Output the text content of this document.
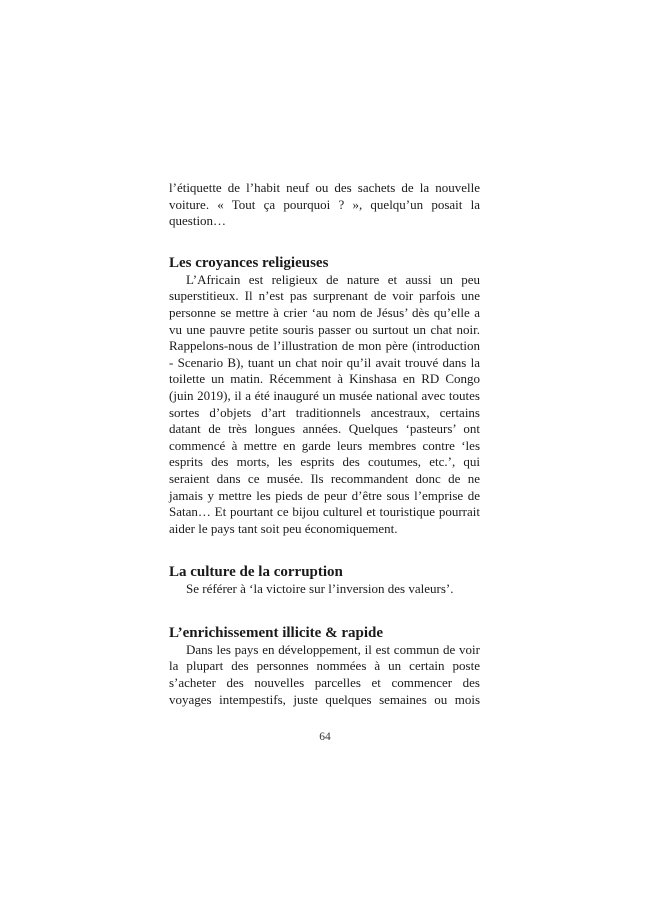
l’étiquette de l’habit neuf ou des sachets de la nouvelle voiture. « Tout ça pourquoi ? », quelqu’un posait la question…

Les croyances religieuses

L’Africain est religieux de nature et aussi un peu superstitieux. Il n’est pas surprenant de voir parfois une personne se mettre à crier ‘au nom de Jésus’ dès qu’elle a vu une pauvre petite souris passer ou surtout un chat noir. Rappelons-nous de l’illustration de mon père (introduction - Scenario B), tuant un chat noir qu’il avait trouvé dans la toilette un matin. Récemment à Kinshasa en RD Congo (juin 2019), il a été inauguré un musée national avec toutes sortes d’objets d’art traditionnels ancestraux, certains datant de très longues années. Quelques ‘pasteurs’ ont commencé à mettre en garde leurs membres contre ‘les esprits des morts, les esprits des coutumes, etc.’, qui seraient dans ce musée. Ils recommandent donc de ne jamais y mettre les pieds de peur d’être sous l’emprise de Satan… Et pourtant ce bijou culturel et touristique pourrait aider le pays tant soit peu économiquement.

La culture de la corruption

Se référer à ‘la victoire sur l’inversion des valeurs’.

L’enrichissement illicite & rapide

Dans les pays en développement, il est commun de voir la plupart des personnes nommées à un certain poste s’acheter des nouvelles parcelles et commencer des voyages intempestifs, juste quelques semaines ou mois

64
